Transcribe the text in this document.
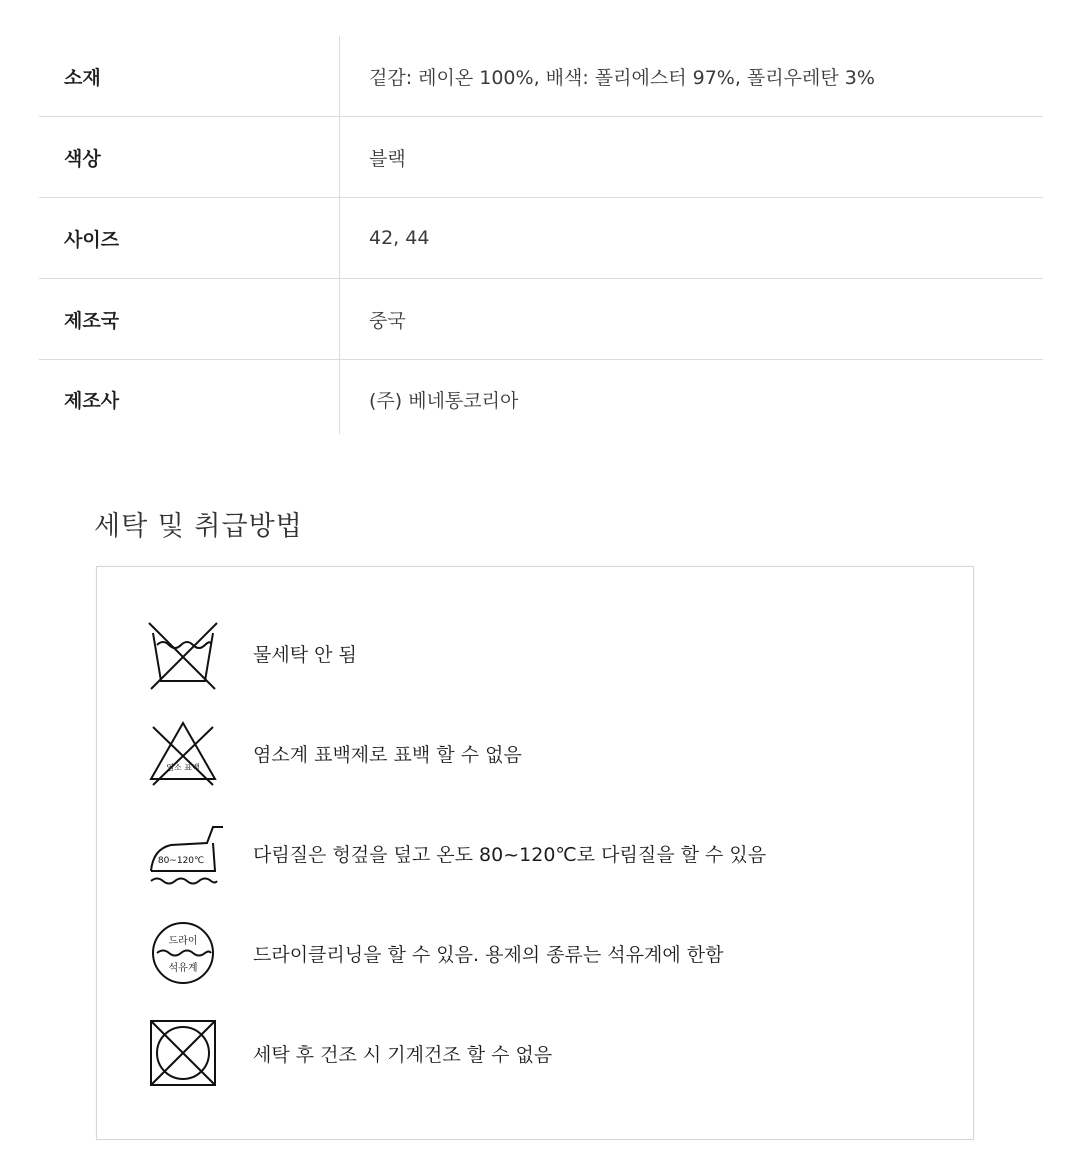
소재	겉감: 레이온 100%, 배색: 폴리에스터 97%, 폴리우레탄 3%
색상	블랙
사이즈	42, 44
제조국	중국
제조사	(주) 베네통코리아
세탁 및 취급방법
물세탁 안 됨
염소 표백
염소계 표백제로 표백 할 수 없음
80~120℃	다림질은 헝겊을 덮고 온도 80~120℃로 다림질을 할 수 있음
드라이
석유계
드라이클리닝을 할 수 있음. 용제의 종류는 석유계에 한함
세탁 후 건조 시 기계건조 할 수 없음
